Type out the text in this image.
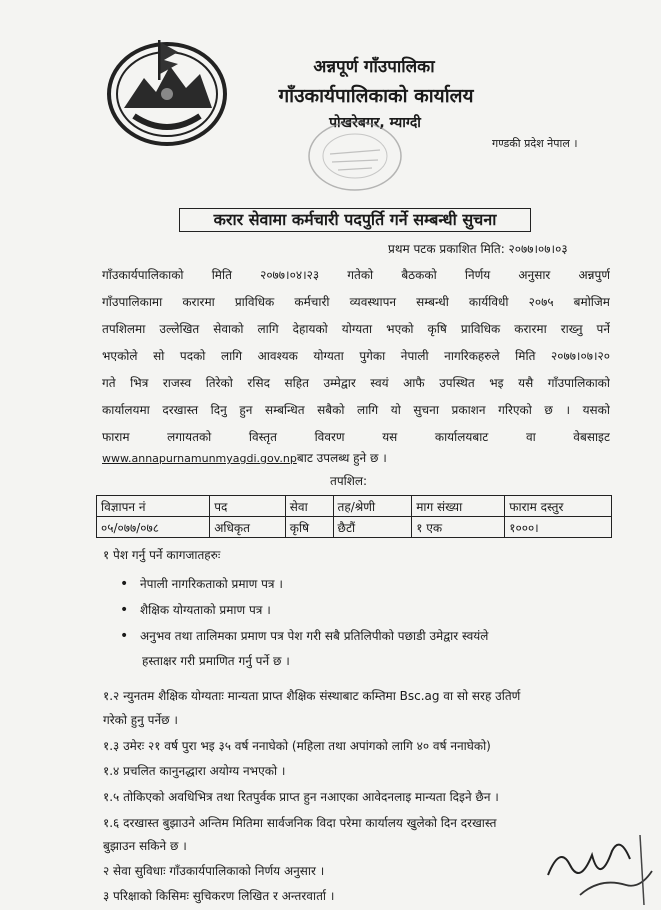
अन्नपूर्ण गाँउपालिका
गाँउकार्यपालिकाको कार्यालय
पोखरेबगर, म्याग्दी
गण्डकी प्रदेश नेपाल ।
करार सेवामा कर्मचारी पदपुर्ति गर्ने सम्बन्धी सुचना
प्रथम पटक प्रकाशित मिति: २०७७।०७।०३
गाँउकार्यपालिकाको मिति २०७७।०४।२३ गतेको बैठकको निर्णय अनुसार अन्नपुर्ण
गाँउपालिकामा करारमा प्राविधिक कर्मचारी व्यवस्थापन सम्बन्धी कार्यविधी २०७५ बमोजिम
तपशिलमा उल्लेखित सेवाको लागि देहायको योग्यता भएको कृषि प्राविधिक करारमा राख्नु पर्ने
भएकोले सो पदको लागि आवश्यक योग्यता पुगेका नेपाली नागरिकहरुले मिति २०७७।०७।२०
गते भित्र राजस्व तिरेको रसिद सहित उम्मेद्वार स्वयं आफै उपस्थित भइ यसै गाँउपालिकाको
कार्यालयमा दरखास्त दिनु हुन सम्बन्धित सबैको लागि यो सुचना प्रकाशन गरिएको छ । यसको
फाराम लगायतको विस्तृत विवरण यस कार्यालयबाट वा वेबसाइट
www.annapurnamunmyagdi.gov.npबाट उपलब्ध हुने छ ।
तपशिल:
विज्ञापन नं	पद	सेवा	तह/श्रेणी	माग संख्या	फाराम दस्तुर
०५/०७७/०७८	अधिकृत	कृषि	छैटौं	१ एक	१०००।
१ पेश गर्नु पर्ने कागजातहरुः
• नेपाली नागरिकताको प्रमाण पत्र ।
• शैक्षिक योग्यताको प्रमाण पत्र ।
• अनुभव तथा तालिमका प्रमाण पत्र पेश गरी सबै प्रतिलिपीको पछाडी उमेद्वार स्वयंले
हस्ताक्षर गरी प्रमाणित गर्नु पर्ने छ ।
१.२ न्युनतम शैक्षिक योग्यताः मान्यता प्राप्त शैक्षिक संस्थाबाट कम्तिमा Bsc.ag वा सो सरह उतिर्ण
गरेको हुनु पर्नेछ ।
१.३ उमेरः २१ वर्ष पुरा भइ ३५ वर्ष ननाघेको (महिला तथा अपांगको लागि ४० वर्ष ननाघेको)
१.४ प्रचलित कानुनद्धारा अयोग्य नभएको ।
१.५ तोकिएको अवधिभित्र तथा रितपुर्वक प्राप्त हुन नआएका आवेदनलाइ मान्यता दिइने छैन ।
१.६ दरखास्त बुझाउने अन्तिम मितिमा सार्वजनिक विदा परेमा कार्यालय खुलेको दिन दरखास्त
बुझाउन सकिने छ ।
२ सेवा सुविधाः गाँउकार्यपालिकाको निर्णय अनुसार ।
३ परिक्षाको किसिमः सुचिकरण लिखित र अन्तरवार्ता ।
